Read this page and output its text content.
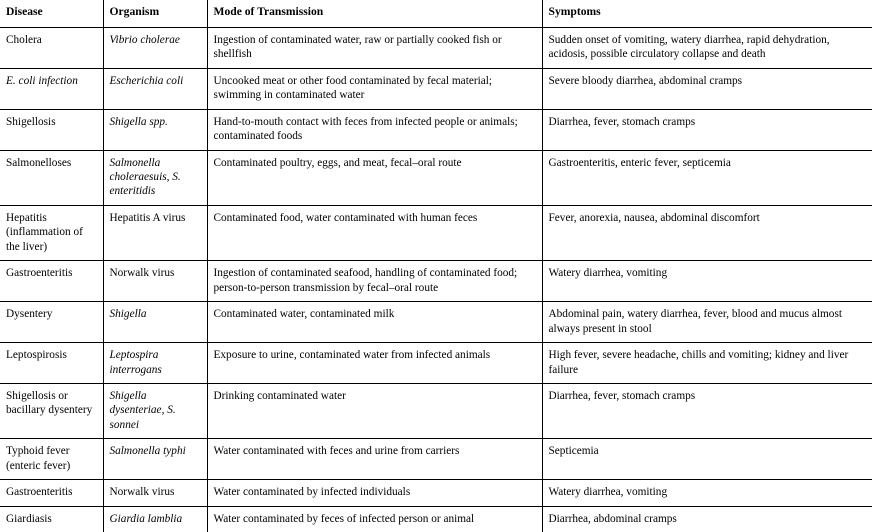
Disease	Organism	Mode of Transmission	Symptoms
Cholera	Vibrio cholerae	Ingestion of contaminated water, raw or partially cooked fish or shellfish	Sudden onset of vomiting, watery diarrhea, rapid dehydration, acidosis, possible circulatory collapse and death
E. coli infection	Escherichia coli	Uncooked meat or other food contaminated by fecal material; swimming in contaminated water	Severe bloody diarrhea, abdominal cramps
Shigellosis	Shigella spp.	Hand-to-mouth contact with feces from infected people or animals; contaminated foods	Diarrhea, fever, stomach cramps
Salmonelloses	Salmonella choleraesuis, S. enteritidis	Contaminated poultry, eggs, and meat, fecal–oral route	Gastroenteritis, enteric fever, septicemia
Hepatitis (inflammation of the liver)	Hepatitis A virus	Contaminated food, water contaminated with human feces	Fever, anorexia, nausea, abdominal discomfort
Gastroenteritis	Norwalk virus	Ingestion of contaminated seafood, handling of contaminated food; person-to-person transmission by fecal–oral route	Watery diarrhea, vomiting
Dysentery	Shigella	Contaminated water, contaminated milk	Abdominal pain, watery diarrhea, fever, blood and mucus almost always present in stool
Leptospirosis	Leptospira interrogans	Exposure to urine, contaminated water from infected animals	High fever, severe headache, chills and vomiting; kidney and liver failure
Shigellosis or bacillary dysentery	Shigella dysenteriae, S. sonnei	Drinking contaminated water	Diarrhea, fever, stomach cramps
Typhoid fever (enteric fever)	Salmonella typhi	Water contaminated with feces and urine from carriers	Septicemia
Gastroenteritis	Norwalk virus	Water contaminated by infected individuals	Watery diarrhea, vomiting
Giardiasis	Giardia lamblia	Water contaminated by feces of infected person or animal	Diarrhea, abdominal cramps
